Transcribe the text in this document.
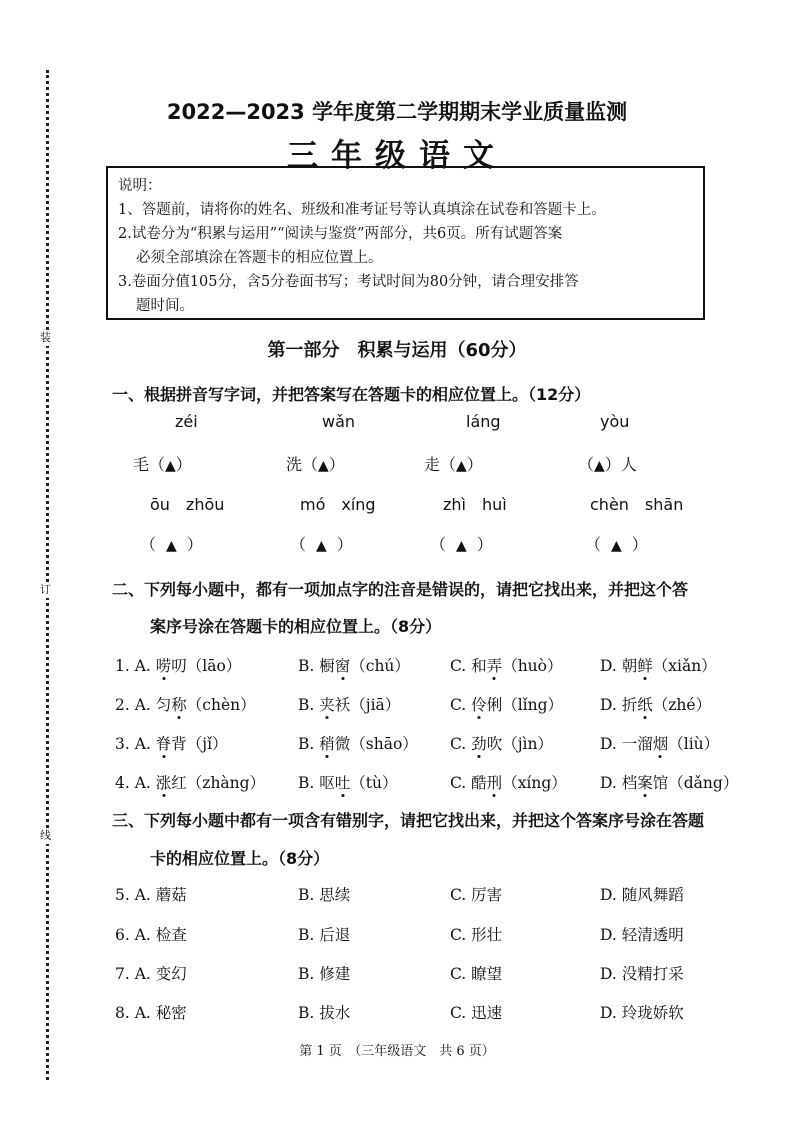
装
订
线
2022—2023 学年度第二学期期末学业质量监测
三年级语文
说明：
1、答题前，请将你的姓名、班级和准考证号等认真填涂在试卷和答题卡上。
2.试卷分为“积累与运用”“阅读与鉴赏”两部分，共6页。所有试题答案
必须全部填涂在答题卡的相应位置上。
3.卷面分值105分，含5分卷面书写；考试时间为80分钟，请合理安排答
题时间。
第一部分　积累与运用（60分）
一、根据拼音写字词，并把答案写在答题卡的相应位置上。（12分）
zéi	wǎn	láng	yòu
毛（▲）	洗（▲）	走（▲）	（▲）人
ōu　zhōu	mó　xíng	zhì　huì	chèn　shān
（▲）	（▲）	（▲）	（▲）
二、下列每小题中，都有一项加点字的注音是错误的，请把它找出来，并把这个答
案序号涂在答题卡的相应位置上。（8分）
1. A. 唠叨（lāo）	B. 橱窗（chú）	C. 和弄（huò） D. 朝鲜（xiǎn）
2. A. 匀称（chèn）	B. 夹袄（jiā）	C. 伶俐（lǐng） D. 折纸（zhé）
3. A. 脊背（jǐ）	B. 稍微（shāo） C. 劲吹（jìn）	D. 一溜烟（liù）
4. A. 涨红（zhàng） B. 呕吐（tù）	C. 酷刑（xíng） D. 档案馆（dǎng）
三、下列每小题中都有一项含有错别字，请把它找出来，并把这个答案序号涂在答题
卡的相应位置上。（8分）
5. A. 蘑菇	B. 思续	C. 厉害	D. 随风舞蹈
6. A. 检查	B. 后退	C. 形壮	D. 轻清透明
7. A. 变幻	B. 修建	C. 瞭望	D. 没精打采
8. A. 秘密	B. 拔水	C. 迅速	D. 玲珑娇软
第 1 页　（三年级语文　共 6 页）
